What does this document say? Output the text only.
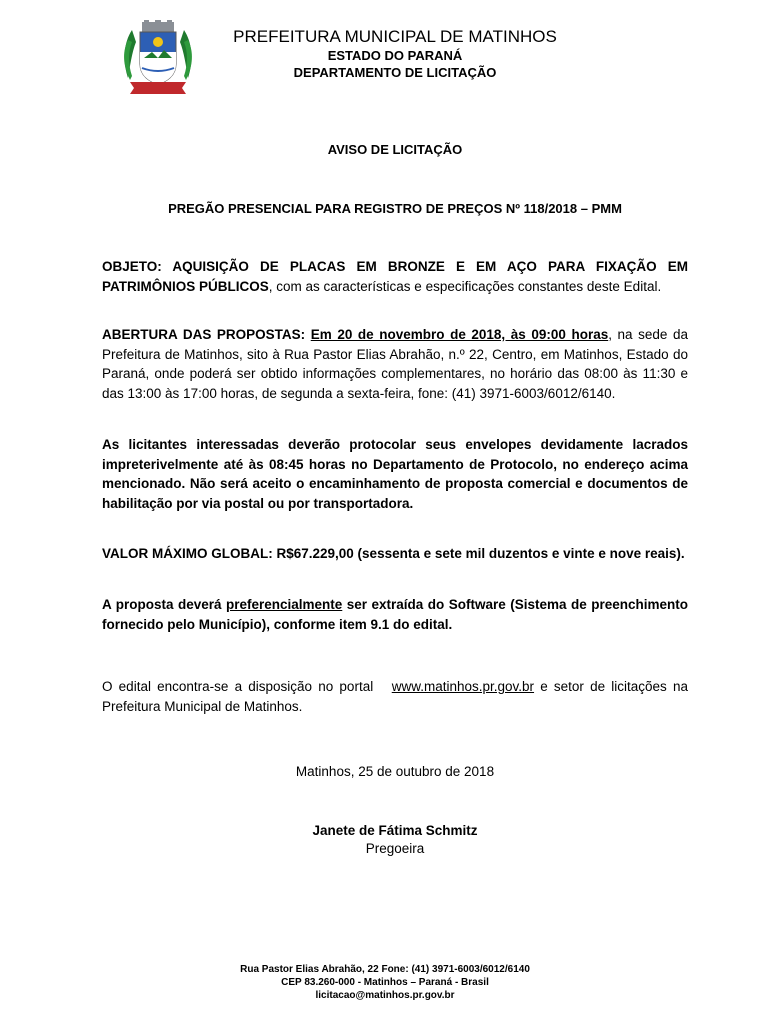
PREFEITURA MUNICIPAL DE MATINHOS
ESTADO DO PARANÁ
DEPARTAMENTO DE LICITAÇÃO
AVISO DE LICITAÇÃO
PREGÃO PRESENCIAL PARA REGISTRO DE PREÇOS Nº 118/2018 – PMM
OBJETO: AQUISIÇÃO DE PLACAS EM BRONZE E EM AÇO PARA FIXAÇÃO EM PATRIMÔNIOS PÚBLICOS, com as características e especificações constantes deste Edital.
ABERTURA DAS PROPOSTAS: Em 20 de novembro de 2018, às 09:00 horas, na sede da Prefeitura de Matinhos, sito à Rua Pastor Elias Abrahão, n.º 22, Centro, em Matinhos, Estado do Paraná, onde poderá ser obtido informações complementares, no horário das 08:00 às 11:30 e das 13:00 às 17:00 horas, de segunda a sexta-feira, fone: (41) 3971-6003/6012/6140.
As licitantes interessadas deverão protocolar seus envelopes devidamente lacrados impreterivelmente até às 08:45 horas no Departamento de Protocolo, no endereço acima mencionado. Não será aceito o encaminhamento de proposta comercial e documentos de habilitação por via postal ou por transportadora.
VALOR MÁXIMO GLOBAL: R$67.229,00 (sessenta e sete mil duzentos e vinte e nove reais).
A proposta deverá preferencialmente ser extraída do Software (Sistema de preenchimento fornecido pelo Município), conforme item 9.1 do edital.
O edital encontra-se a disposição no portal   www.matinhos.pr.gov.br e setor de licitações na Prefeitura Municipal de Matinhos.
Matinhos, 25 de outubro de 2018
Janete de Fátima Schmitz
Pregoeira
Rua Pastor Elias Abrahão, 22 Fone: (41) 3971-6003/6012/6140
CEP 83.260-000 - Matinhos – Paraná - Brasil
licitacao@matinhos.pr.gov.br
